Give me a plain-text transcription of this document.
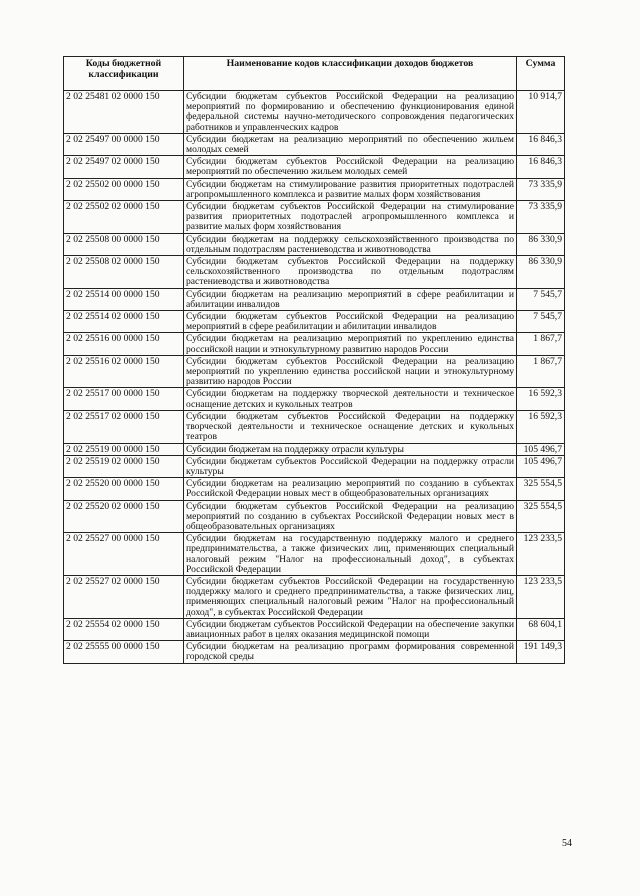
Коды бюджетной классификации	Наименование кодов классификации доходов бюджетов	Сумма
2 02 25481 02 0000 150	Субсидии бюджетам субъектов Российской Федерации на реализацию мероприятий по формированию и обеспечению функционирования единой федеральной системы научно-методического сопровождения педагогических работников и управленческих кадров	10 914,7
2 02 25497 00 0000 150	Субсидии бюджетам на реализацию мероприятий по обеспечению жильем молодых семей	16 846,3
2 02 25497 02 0000 150	Субсидии бюджетам субъектов Российской Федерации на реализацию мероприятий по обеспечению жильем молодых семей	16 846,3
2 02 25502 00 0000 150	Субсидии бюджетам на стимулирование развития приоритетных подотраслей агропромышленного комплекса и развитие малых форм хозяйствования	73 335,9
2 02 25502 02 0000 150	Субсидии бюджетам субъектов Российской Федерации на стимулирование развития приоритетных подотраслей агропромышленного комплекса и развитие малых форм хозяйствования	73 335,9
2 02 25508 00 0000 150	Субсидии бюджетам на поддержку сельскохозяйственного производства по отдельным подотраслям растениеводства и животноводства	86 330,9
2 02 25508 02 0000 150	Субсидии бюджетам субъектов Российской Федерации на поддержку сельскохозяйственного производства по отдельным подотраслям растениеводства и животноводства	86 330,9
2 02 25514 00 0000 150	Субсидии бюджетам на реализацию мероприятий в сфере реабилитации и абилитации инвалидов	7 545,7
2 02 25514 02 0000 150	Субсидии бюджетам субъектов Российской Федерации на реализацию мероприятий в сфере реабилитации и абилитации инвалидов	7 545,7
2 02 25516 00 0000 150	Субсидии бюджетам на реализацию мероприятий по укреплению единства российской нации и этнокультурному развитию народов России	1 867,7
2 02 25516 02 0000 150	Субсидии бюджетам субъектов Российской Федерации на реализацию мероприятий по укреплению единства российской нации и этнокультурному развитию народов России	1 867,7
2 02 25517 00 0000 150	Субсидии бюджетам на поддержку творческой деятельности и техническое оснащение детских и кукольных театров	16 592,3
2 02 25517 02 0000 150	Субсидии бюджетам субъектов Российской Федерации на поддержку творческой деятельности и техническое оснащение детских и кукольных театров	16 592,3
2 02 25519 00 0000 150	Субсидии бюджетам на поддержку отрасли культуры	105 496,7
2 02 25519 02 0000 150	Субсидии бюджетам субъектов Российской Федерации на поддержку отрасли культуры	105 496,7
2 02 25520 00 0000 150	Субсидии бюджетам на реализацию мероприятий по созданию в субъектах Российской Федерации новых мест в общеобразовательных организациях	325 554,5
2 02 25520 02 0000 150	Субсидии бюджетам субъектов Российской Федерации на реализацию мероприятий по созданию в субъектах Российской Федерации новых мест в общеобразовательных организациях	325 554,5
2 02 25527 00 0000 150	Субсидии бюджетам на государственную поддержку малого и среднего предпринимательства, а также физических лиц, применяющих специальный налоговый режим "Налог на профессиональный доход", в субъектах Российской Федерации	123 233,5
2 02 25527 02 0000 150	Субсидии бюджетам субъектов Российской Федерации на государственную поддержку малого и среднего предпринимательства, а также физических лиц, применяющих специальный налоговый режим "Налог на профессиональный доход", в субъектах Российской Федерации	123 233,5
2 02 25554 02 0000 150	Субсидии бюджетам субъектов Российской Федерации на обеспечение закупки авиационных работ в целях оказания медицинской помощи	68 604,1
2 02 25555 00 0000 150	Субсидии бюджетам на реализацию программ формирования современной городской среды	191 149,3
54
